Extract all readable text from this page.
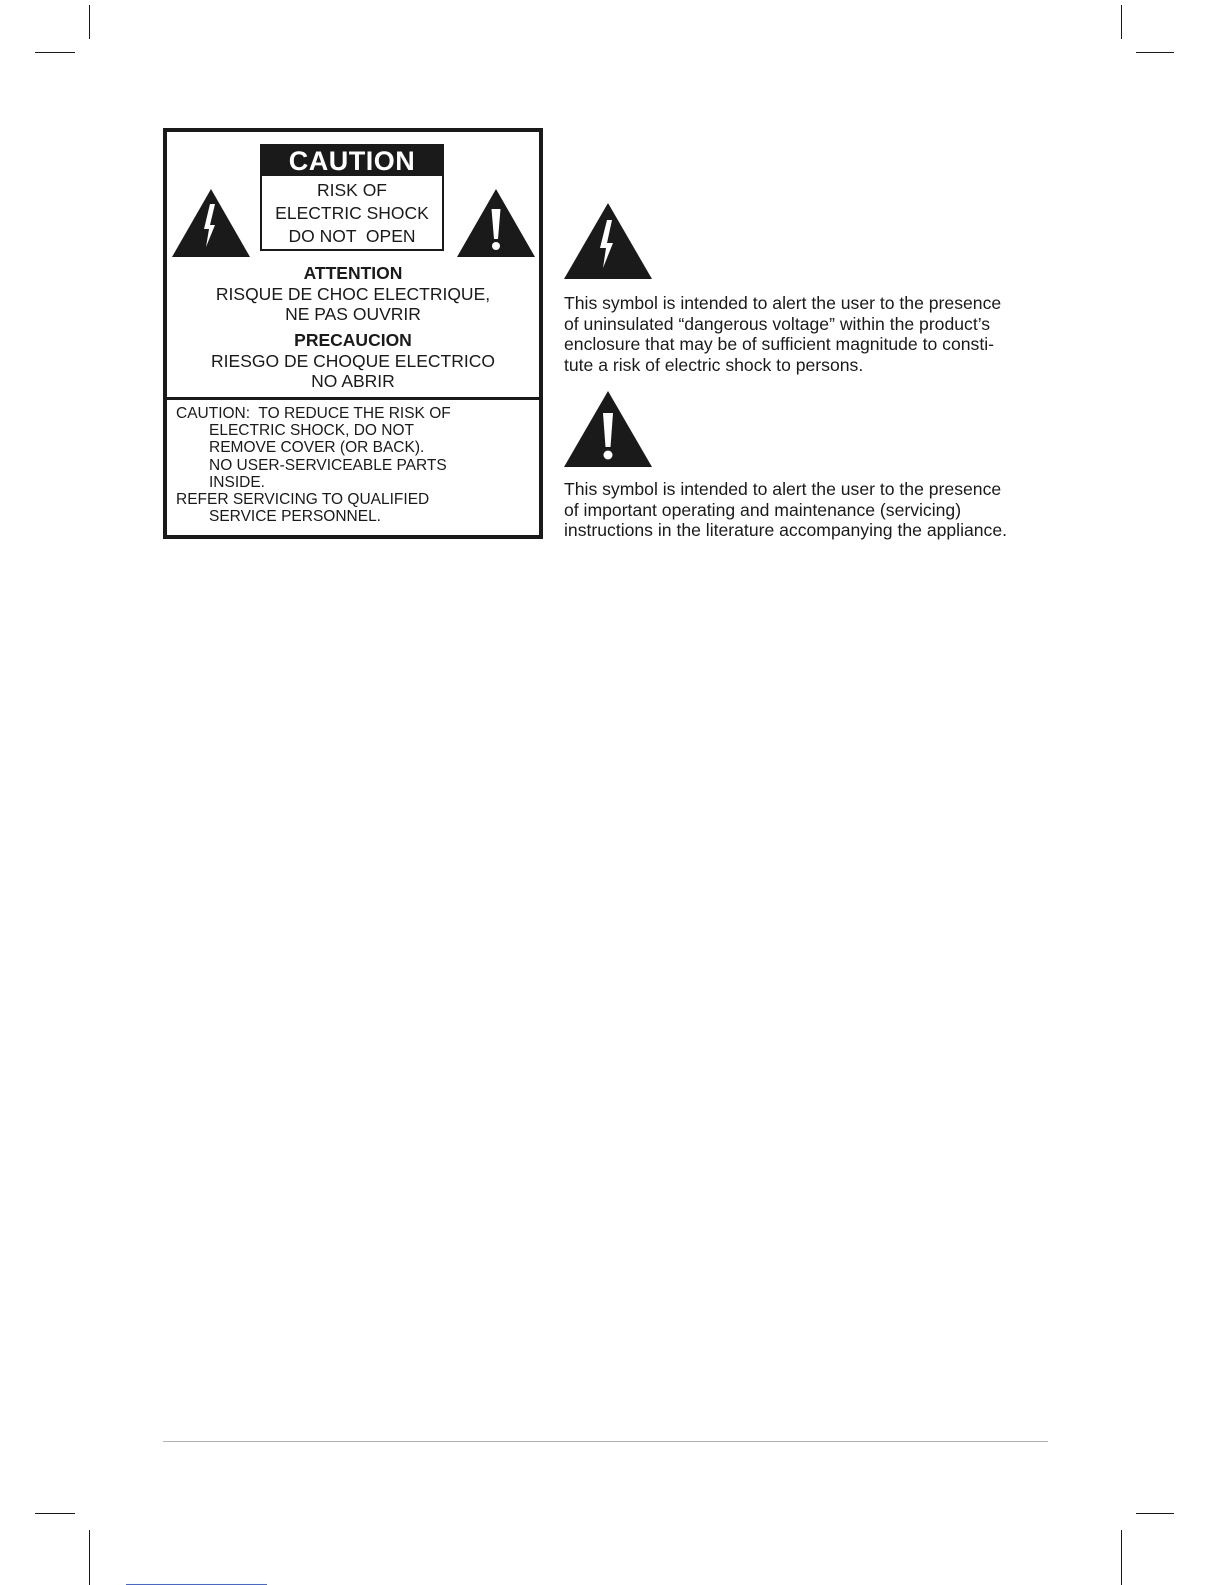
CAUTION
RISK OF
ELECTRIC SHOCK
DO NOT  OPEN
ATTENTION
RISQUE DE CHOC ELECTRIQUE,
NE PAS OUVRIR
PRECAUCION
RIESGO DE CHOQUE ELECTRICO
NO ABRIR
CAUTION:  TO REDUCE THE RISK OF
ELECTRIC SHOCK, DO NOT
REMOVE COVER (OR BACK).
NO USER-SERVICEABLE PARTS
INSIDE.
REFER SERVICING TO QUALIFIED
SERVICE PERSONNEL.
This symbol is intended to alert the user to the presence
of uninsulated “dangerous voltage” within the product’s
enclosure that may be of sufficient magnitude to consti-
tute a risk of electric shock to persons.
This symbol is intended to alert the user to the presence
of important operating and maintenance (servicing)
instructions in the literature accompanying the appliance.
